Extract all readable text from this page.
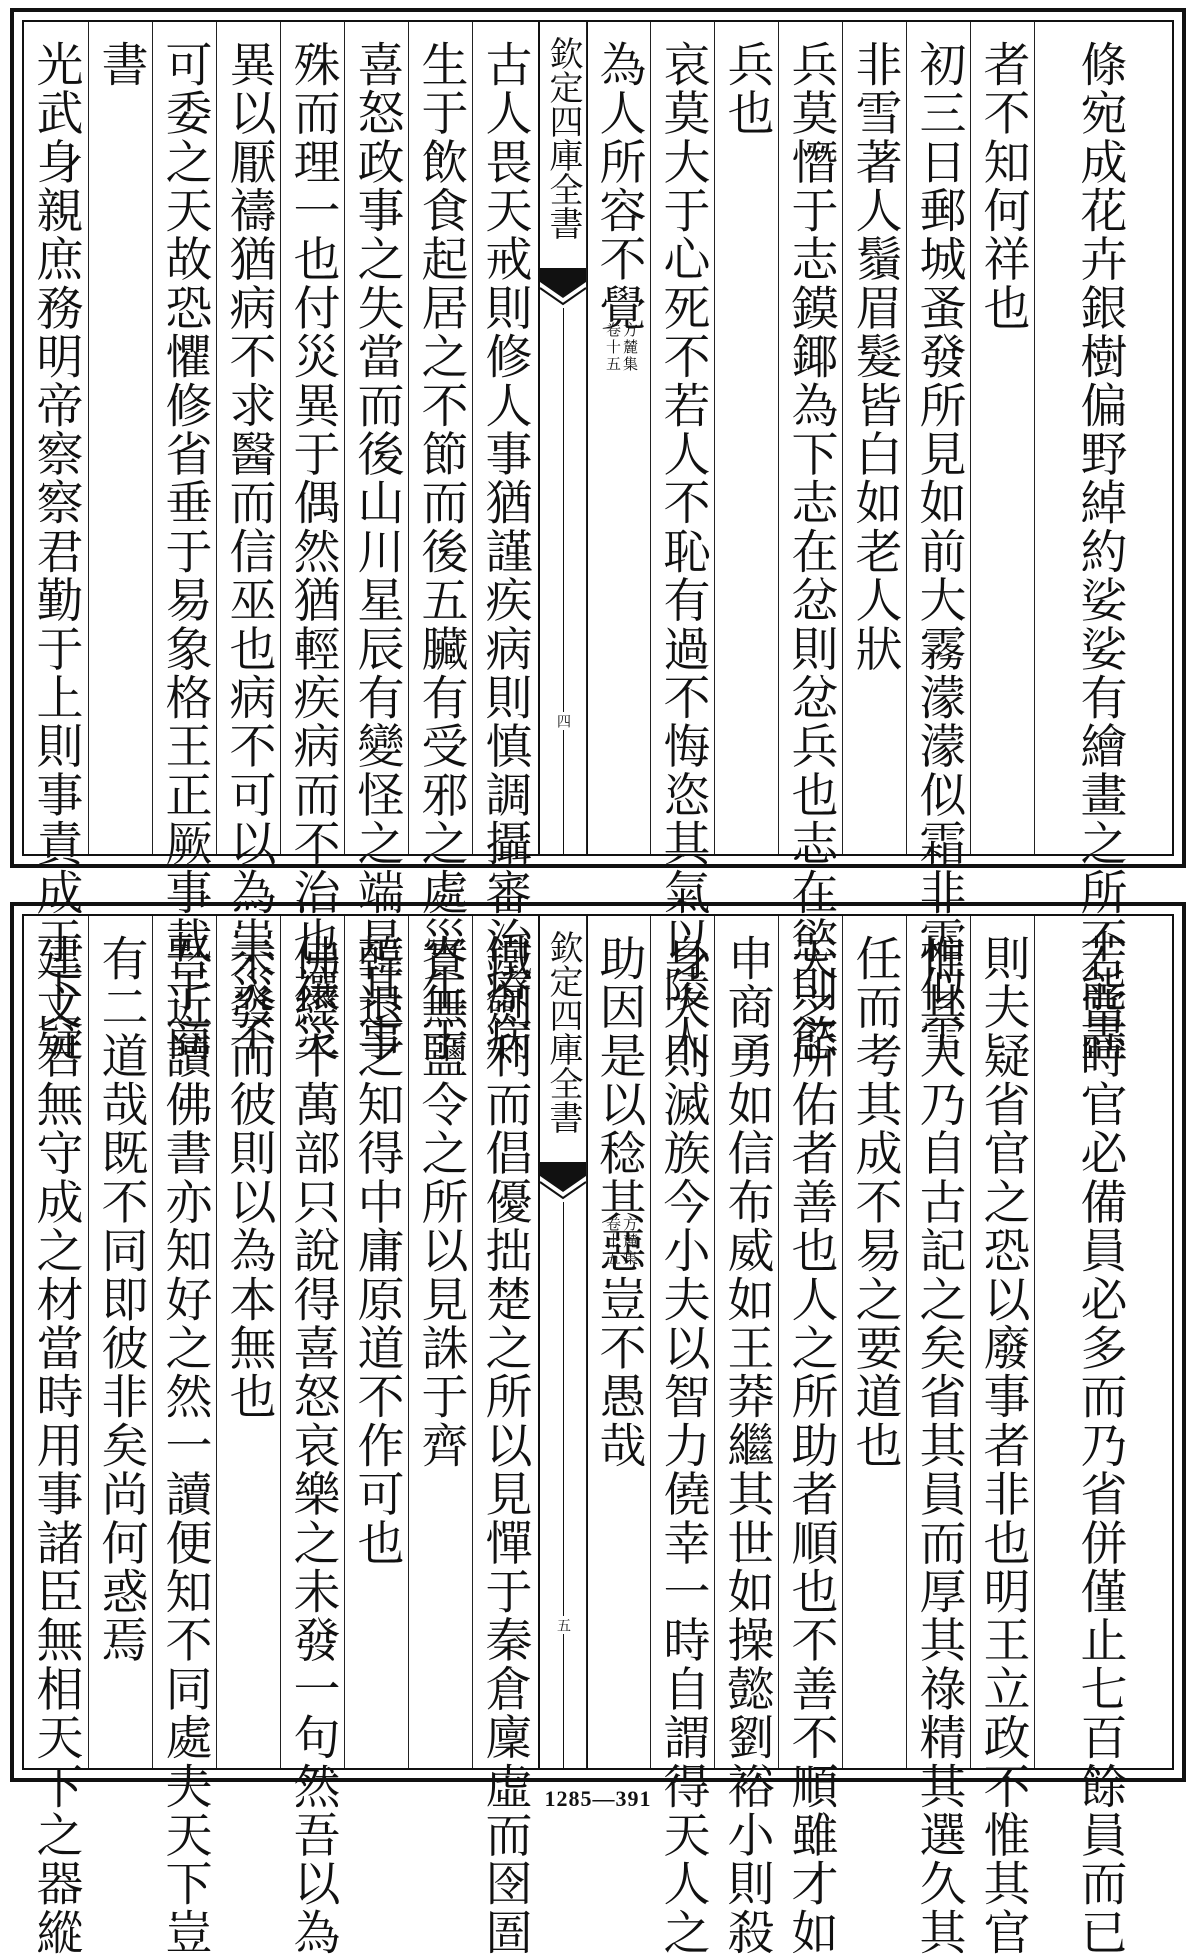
光武身親庶務明帝察察君勤于上則事責成于下疑 書 可委之天故恐懼修省垂于易象格王正厥事載于商 異以厭禱猶病不求醫而信巫也病不可以為祟災不 殊而理一也付災異于偶然猶輕疾病而不治也禳災 喜怒政事之失當而後山川星辰有變怪之端是其事 生于飲食起居之不節而後五臟有受邪之處災生于 古人畏天戒則修人事猶謹疾病則慎調攝審治療病 欽定四庫全書
方麓集
卷十五
四
為人所容不覺 哀莫大于心死不若人不恥有過不悔恣其氣以陵人 兵也 兵莫憯于志鏌鎁為下志在忿則忿兵也志在慾則慾 非雪著人鬚眉髮皆白如老人狀 初三日郵城蚤發所見如前大霧濛濛似霜非霜似雪 者不知何祥也 條宛成花卉銀樹偏野綽約娑娑有繪畫之所不能盡
建文君無守成之材當時用事諸臣無相天下之器縱 有二道哉既不同即彼非矣尚何惑焉 吾近讀佛書亦知好之然一讀便知不同處夫天下豈 未發而彼則以為本無也 佛經千萬部只說得喜怒哀樂之未發一句然吾以為 韓退之知得中庸原道不作可也 實無鹽令之所以見誅于齊 鐵劍利而倡優拙楚之所以見憚于秦倉廩虛而囹圄 欽定四庫全書
方麓集
卷十五
五
助因是以稔其惡豈不愚哉 身大則滅族今小夫以智力僥幸一時自謂得天人之 申商勇如信布威如王莽繼其世如操懿劉裕小則殺 天之所佑者善也人之所助者順也不善不順雖才如 任而考其成不易之要道也 惟其人乃自古記之矣省其員而厚其祿精其選久其 則夫疑省官之恐以廢事者非也明王立政不惟其官 若當時官必備員必多而乃省併僅止七百餘員而已
1285—391
